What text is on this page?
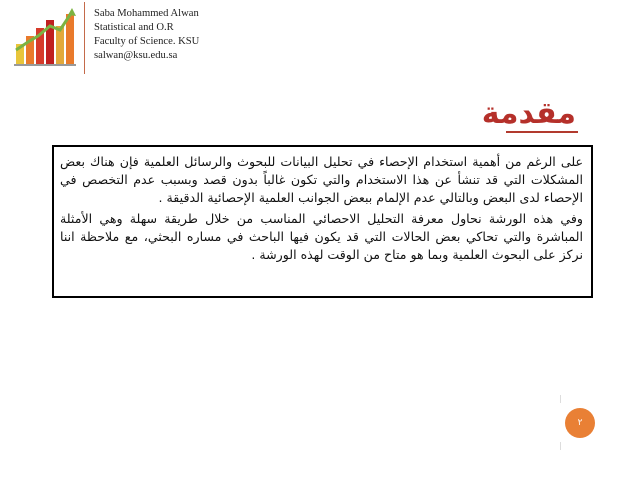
Saba Mohammed Alwan
Statistical and O.R
Faculty of Science. KSU
salwan@ksu.edu.sa
مقدمة

على الرغم من أهمية استخدام الإحصاء في تحليل البيانات للبحوث والرسائل العلمية فإن هناك بعض المشكلات التي قد تنشأ عن هذا الاستخدام والتي تكون غالباً بدون قصد وبسبب عدم التخصص في الإحصاء لدى البعض وبالتالي عدم الإلمام ببعض الجوانب العلمية الإحصائية الدقيقة .

وفي هذه الورشة نحاول معرفة التحليل الاحصائي المناسب من خلال طريقة سهلة وهي الأمثلة المباشرة والتي تحاكي بعض الحالات التي قد يكون فيها الباحث في مساره البحثي، مع ملاحظة اننا نركز على البحوث العلمية وبما هو متاح من الوقت لهذه الورشة .

٢
